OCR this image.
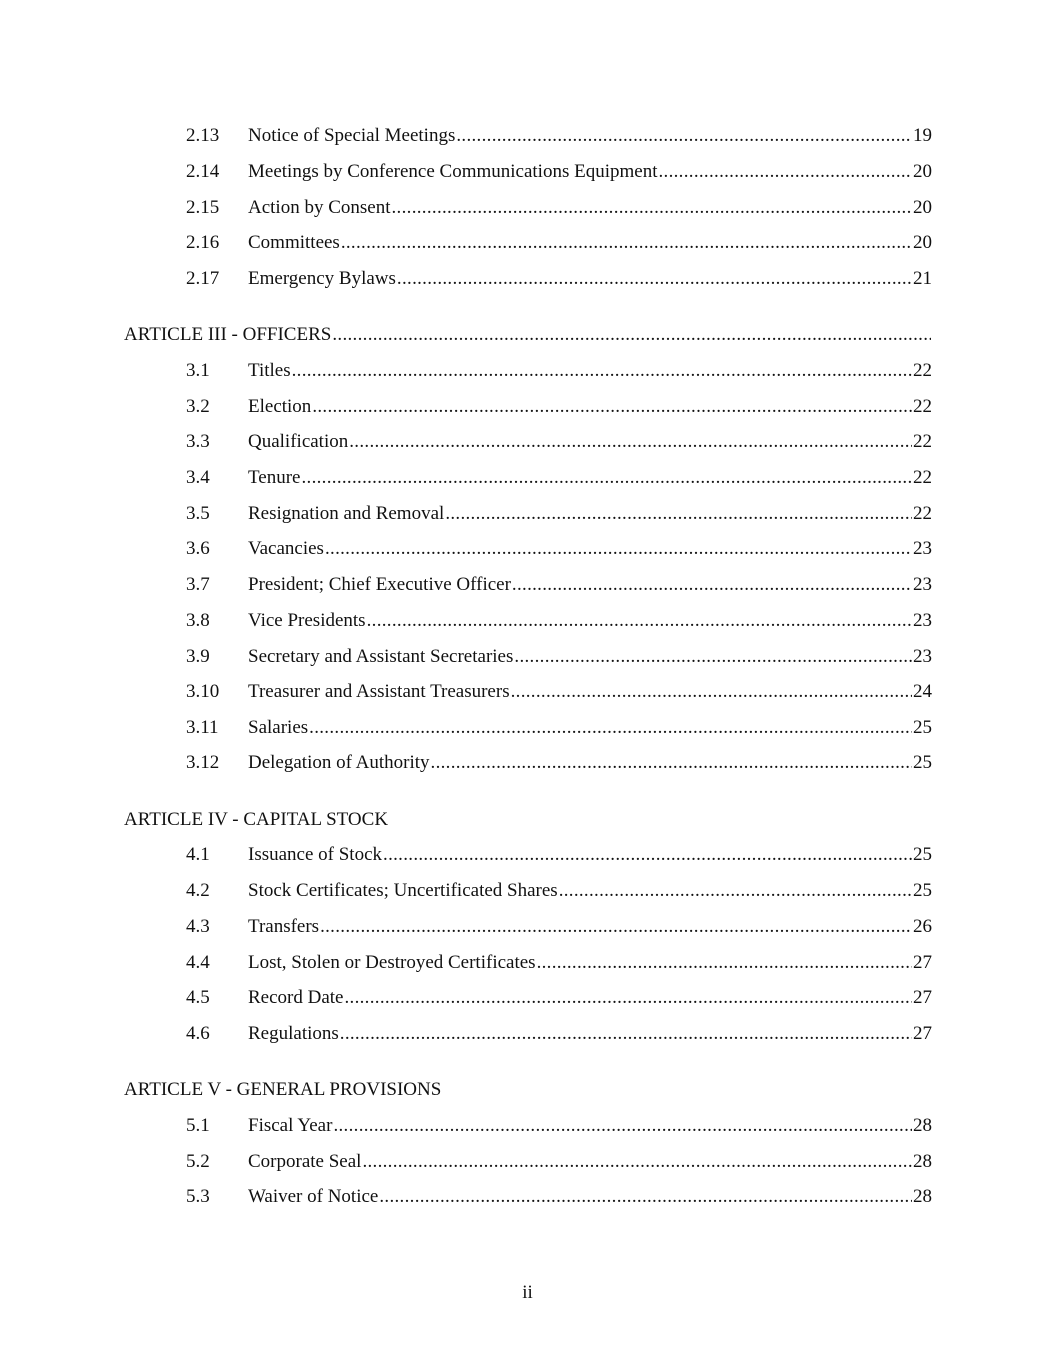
2.13 Notice of Special Meetings .....	19
2.14 Meetings by Conference Communications Equipment .....	20
2.15 Action by Consent .....	20
2.16 Committees .....	20
2.17 Emergency Bylaws .....	21
ARTICLE III - OFFICERS
.....
3.1 Titles .....	22
3.2 Election .....	22
3.3 Qualification .....	22
3.4 Tenure .....	22
3.5 Resignation and Removal .....	22
3.6 Vacancies .....	23
3.7 President; Chief Executive Officer .....	23
3.8 Vice Presidents .....	23
3.9 Secretary and Assistant Secretaries .....	23
3.10 Treasurer and Assistant Treasurers .....	24
3.11 Salaries .....	25
3.12 Delegation of Authority .....	25
ARTICLE IV - CAPITAL STOCK
4.1 Issuance of Stock .....	25
4.2 Stock Certificates; Uncertificated Shares .....	25
4.3 Transfers .....	26
4.4 Lost, Stolen or Destroyed Certificates .....	27
4.5 Record Date .....	27
4.6 Regulations .....	27
ARTICLE V - GENERAL PROVISIONS
5.1 Fiscal Year .....	28
5.2 Corporate Seal .....	28
5.3 Waiver of Notice .....	28
ii
